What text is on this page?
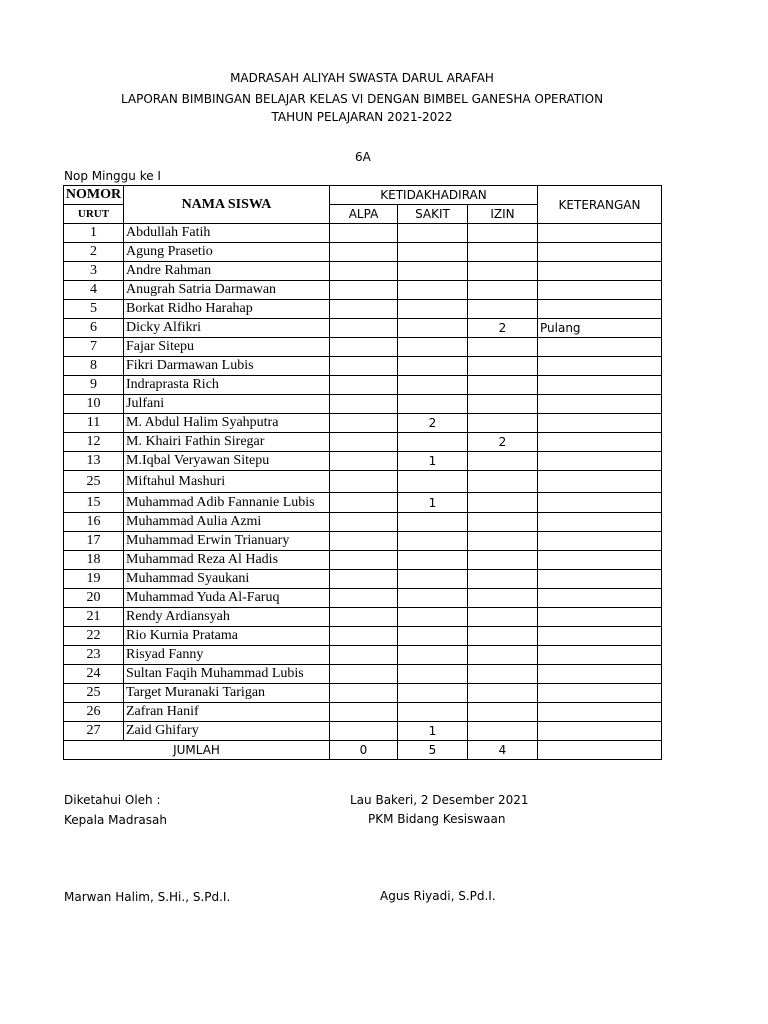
MADRASAH ALIYAH SWASTA DARUL ARAFAH
LAPORAN BIMBINGAN BELAJAR KELAS VI DENGAN BIMBEL GANESHA OPERATION
TAHUN PELAJARAN 2021-2022
6A
Nop Minggu ke I
NOMOR	NAMA SISWA	KETIDAKHADIRAN			KETERANGAN
URUT		ALPA	SAKIT	IZIN	
1	Abdullah Fatih				
2	Agung Prasetio				
3	Andre Rahman				
4	Anugrah Satria Darmawan				
5	Borkat Ridho Harahap				
6	Dicky Alfikri			2	Pulang
7	Fajar Sitepu				
8	Fikri Darmawan Lubis				
9	Indraprasta Rich				
10	Julfani				
11	M. Abdul Halim Syahputra		2		
12	M. Khairi Fathin Siregar			2	
13	M.Iqbal Veryawan Sitepu		1		
25	Miftahul Mashuri				
15	Muhammad Adib Fannanie Lubis		1		
16	Muhammad Aulia Azmi				
17	Muhammad Erwin Trianuary				
18	Muhammad Reza Al Hadis				
19	Muhammad Syaukani				
20	Muhammad Yuda Al-Faruq				
21	Rendy Ardiansyah				
22	Rio Kurnia Pratama				
23	Risyad Fanny				
24	Sultan Faqih Muhammad Lubis				
25	Target Muranaki Tarigan				
26	Zafran Hanif				
27	Zaid Ghifary		1		
JUMLAH		0	5	4	
Diketahui Oleh :
Kepala Madrasah
Marwan Halim, S.Hi., S.Pd.I.
Lau Bakeri, 2 Desember 2021
PKM Bidang Kesiswaan
Agus Riyadi, S.Pd.I.
